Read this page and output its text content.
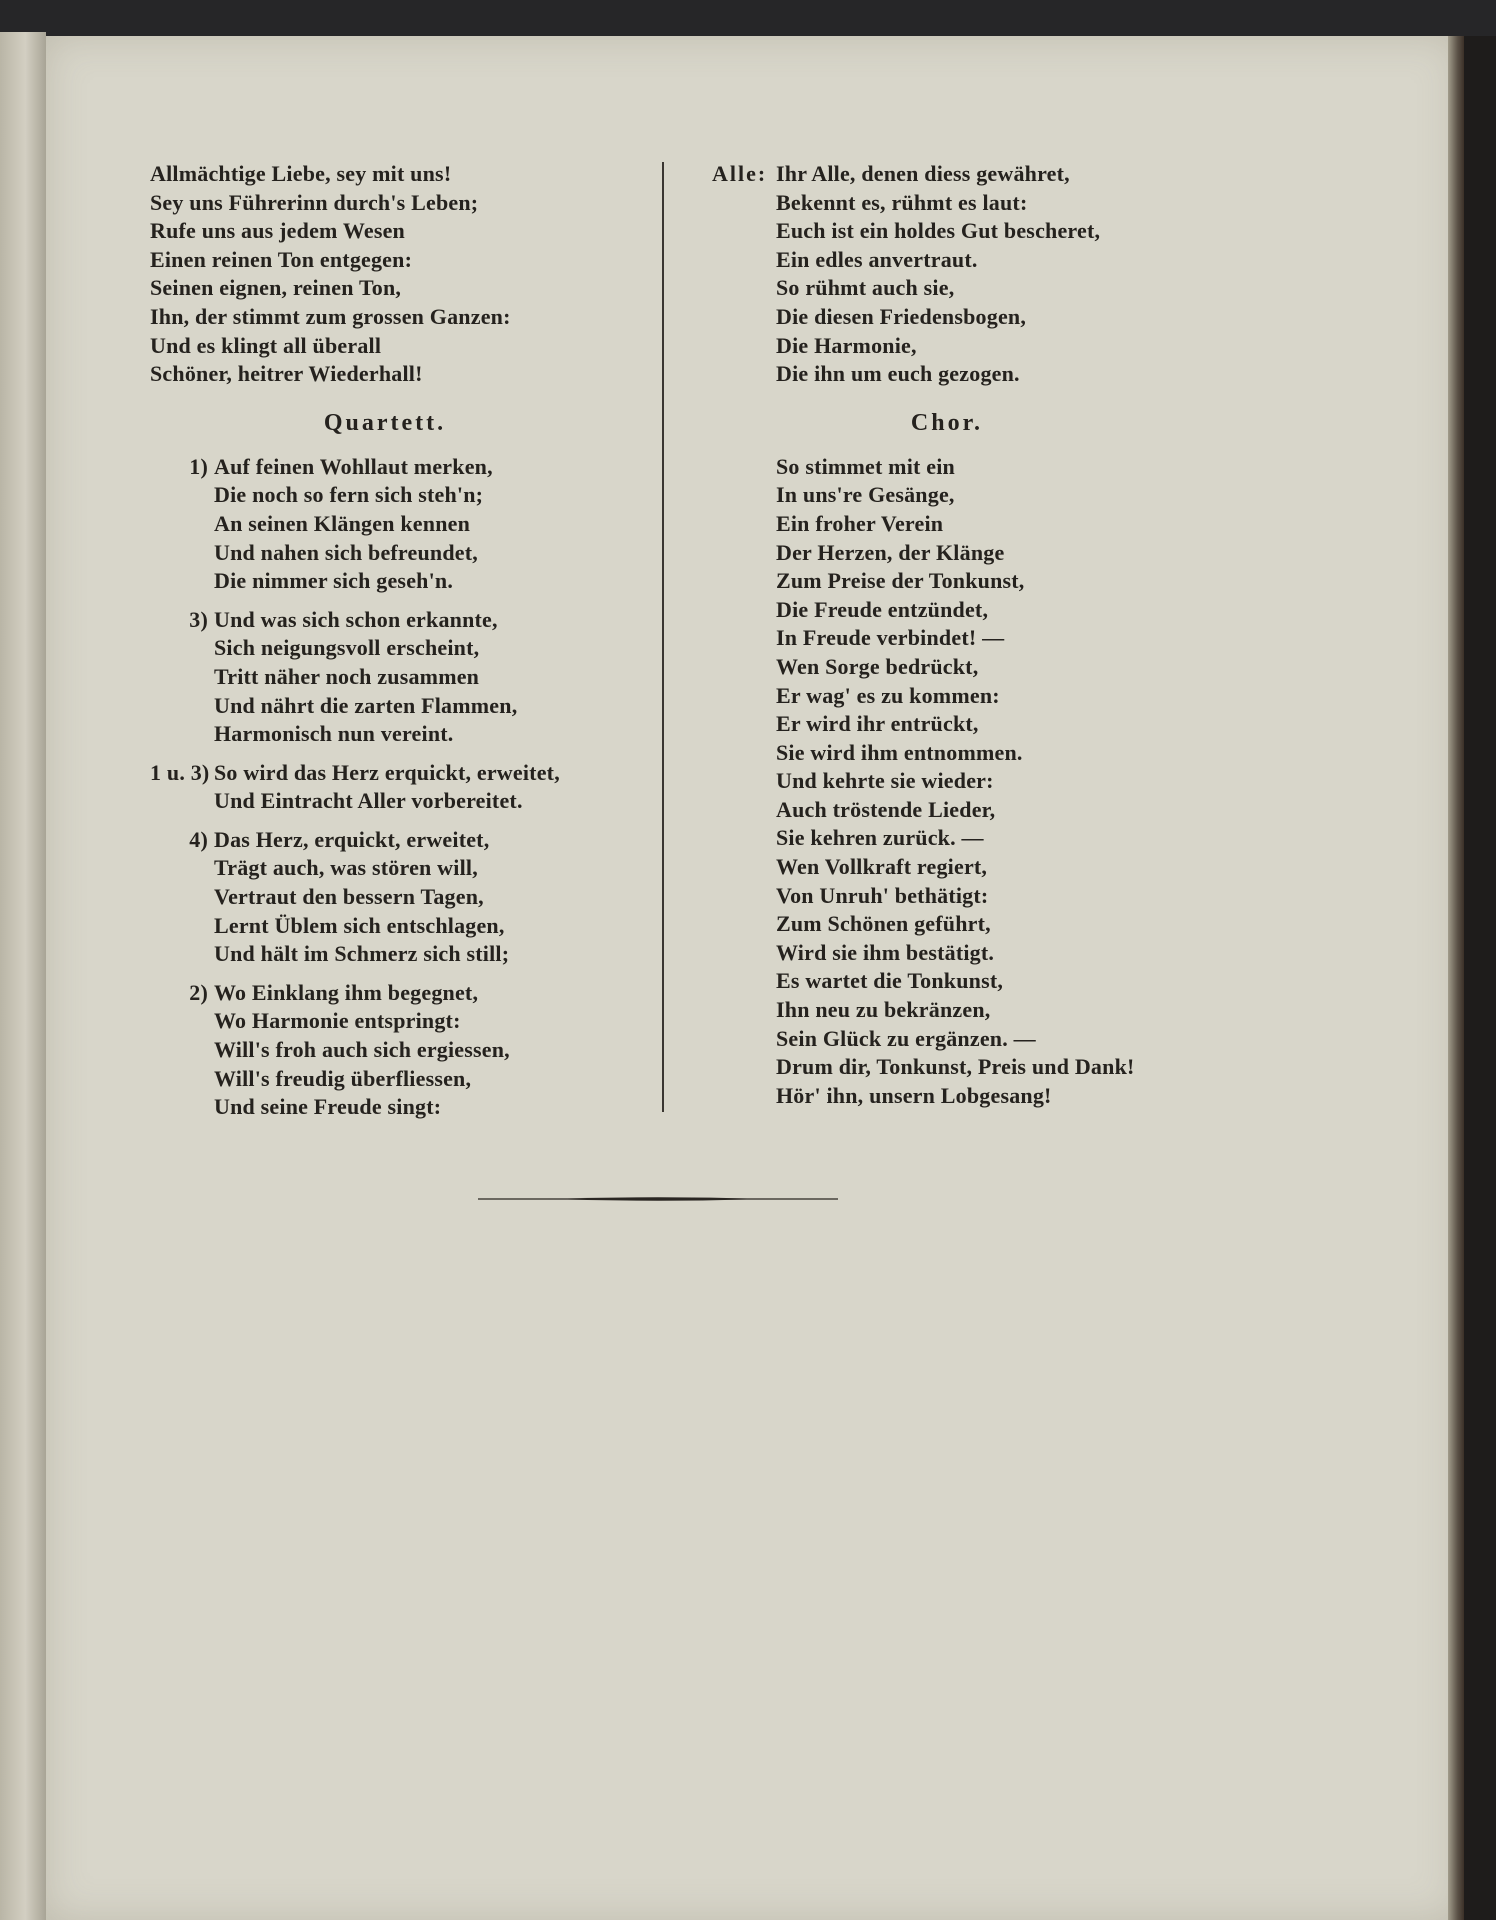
Allmächtige Liebe, sey mit uns!
Sey uns Führerinn durch's Leben;
Rufe uns aus jedem Wesen
Einen reinen Ton entgegen:
Seinen eignen, reinen Ton,
Ihn, der stimmt zum grossen Ganzen:
Und es klingt all überall
Schöner, heitrer Wiederhall!
Quartett.
1) Auf feinen Wohllaut merken,
Die noch so fern sich steh'n;
An seinen Klängen kennen
Und nahen sich befreundet,
Die nimmer sich geseh'n.
3) Und was sich schon erkannte,
Sich neigungsvoll erscheint,
Tritt näher noch zusammen
Und nährt die zarten Flammen,
Harmonisch nun vereint.
1 u. 3) So wird das Herz erquickt, erweitet,
Und Eintracht Aller vorbereitet.
4) Das Herz, erquickt, erweitet,
Trägt auch, was stören will,
Vertraut den bessern Tagen,
Lernt Üblem sich entschlagen,
Und hält im Schmerz sich still;
2) Wo Einklang ihm begegnet,
Wo Harmonie entspringt:
Will's froh auch sich ergiessen,
Will's freudig überfliessen,
Und seine Freude singt:
Alle: Ihr Alle, denen diess gewähret,
Bekennt es, rühmt es laut:
Euch ist ein holdes Gut bescheret,
Ein edles anvertraut.
So rühmt auch sie,
Die diesen Friedensbogen,
Die Harmonie,
Die ihn um euch gezogen.
Chor.
So stimmet mit ein
In uns're Gesänge,
Ein froher Verein
Der Herzen, der Klänge
Zum Preise der Tonkunst,
Die Freude entzündet,
In Freude verbindet! —
Wen Sorge bedrückt,
Er wag' es zu kommen:
Er wird ihr entrückt,
Sie wird ihm entnommen.
Und kehrte sie wieder:
Auch tröstende Lieder,
Sie kehren zurück. —
Wen Vollkraft regiert,
Von Unruh' bethätigt:
Zum Schönen geführt,
Wird sie ihm bestätigt.
Es wartet die Tonkunst,
Ihn neu zu bekränzen,
Sein Glück zu ergänzen. —
Drum dir, Tonkunst, Preis und Dank!
Hör' ihn, unsern Lobgesang!
